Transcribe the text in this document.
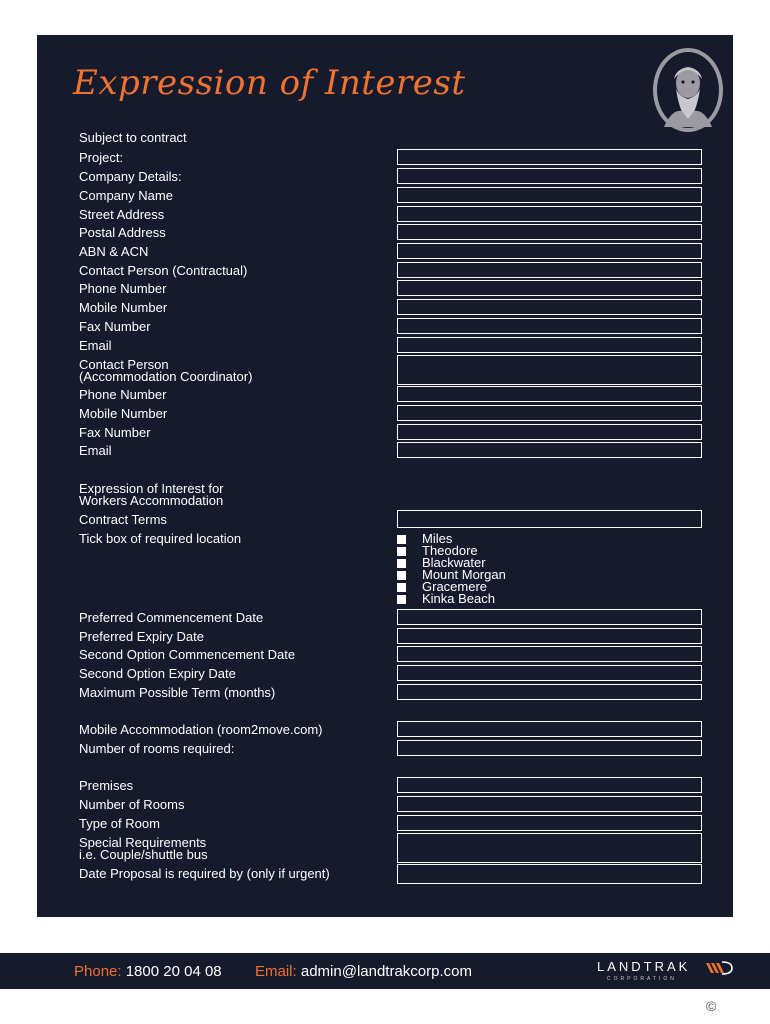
Expression of Interest
Subject to contract
Project:
Company Details:
Company Name
Street Address
Postal Address
ABN & ACN
Contact Person (Contractual)
Phone Number
Mobile Number
Fax Number
Email
Contact Person
(Accommodation Coordinator)
Phone Number
Mobile Number
Fax Number
Email
Expression of Interest for
Workers Accommodation
Contract Terms
Tick box of required location
Preferred Commencement Date
Preferred Expiry Date
Second Option Commencement Date
Second Option Expiry Date
Maximum Possible Term (months)
Mobile Accommodation (room2move.com)
Number of rooms required:
Premises
Number of Rooms
Type of Room
Special Requirements
i.e. Couple/shuttle bus
Date Proposal is required by (only if urgent)
Miles
Theodore
Blackwater
Mount Morgan
Gracemere
Kinka Beach
Phone: 1800 20 04 08 Email: admin@landtrakcorp.com	LANDTRAK
CORPORATION
©
